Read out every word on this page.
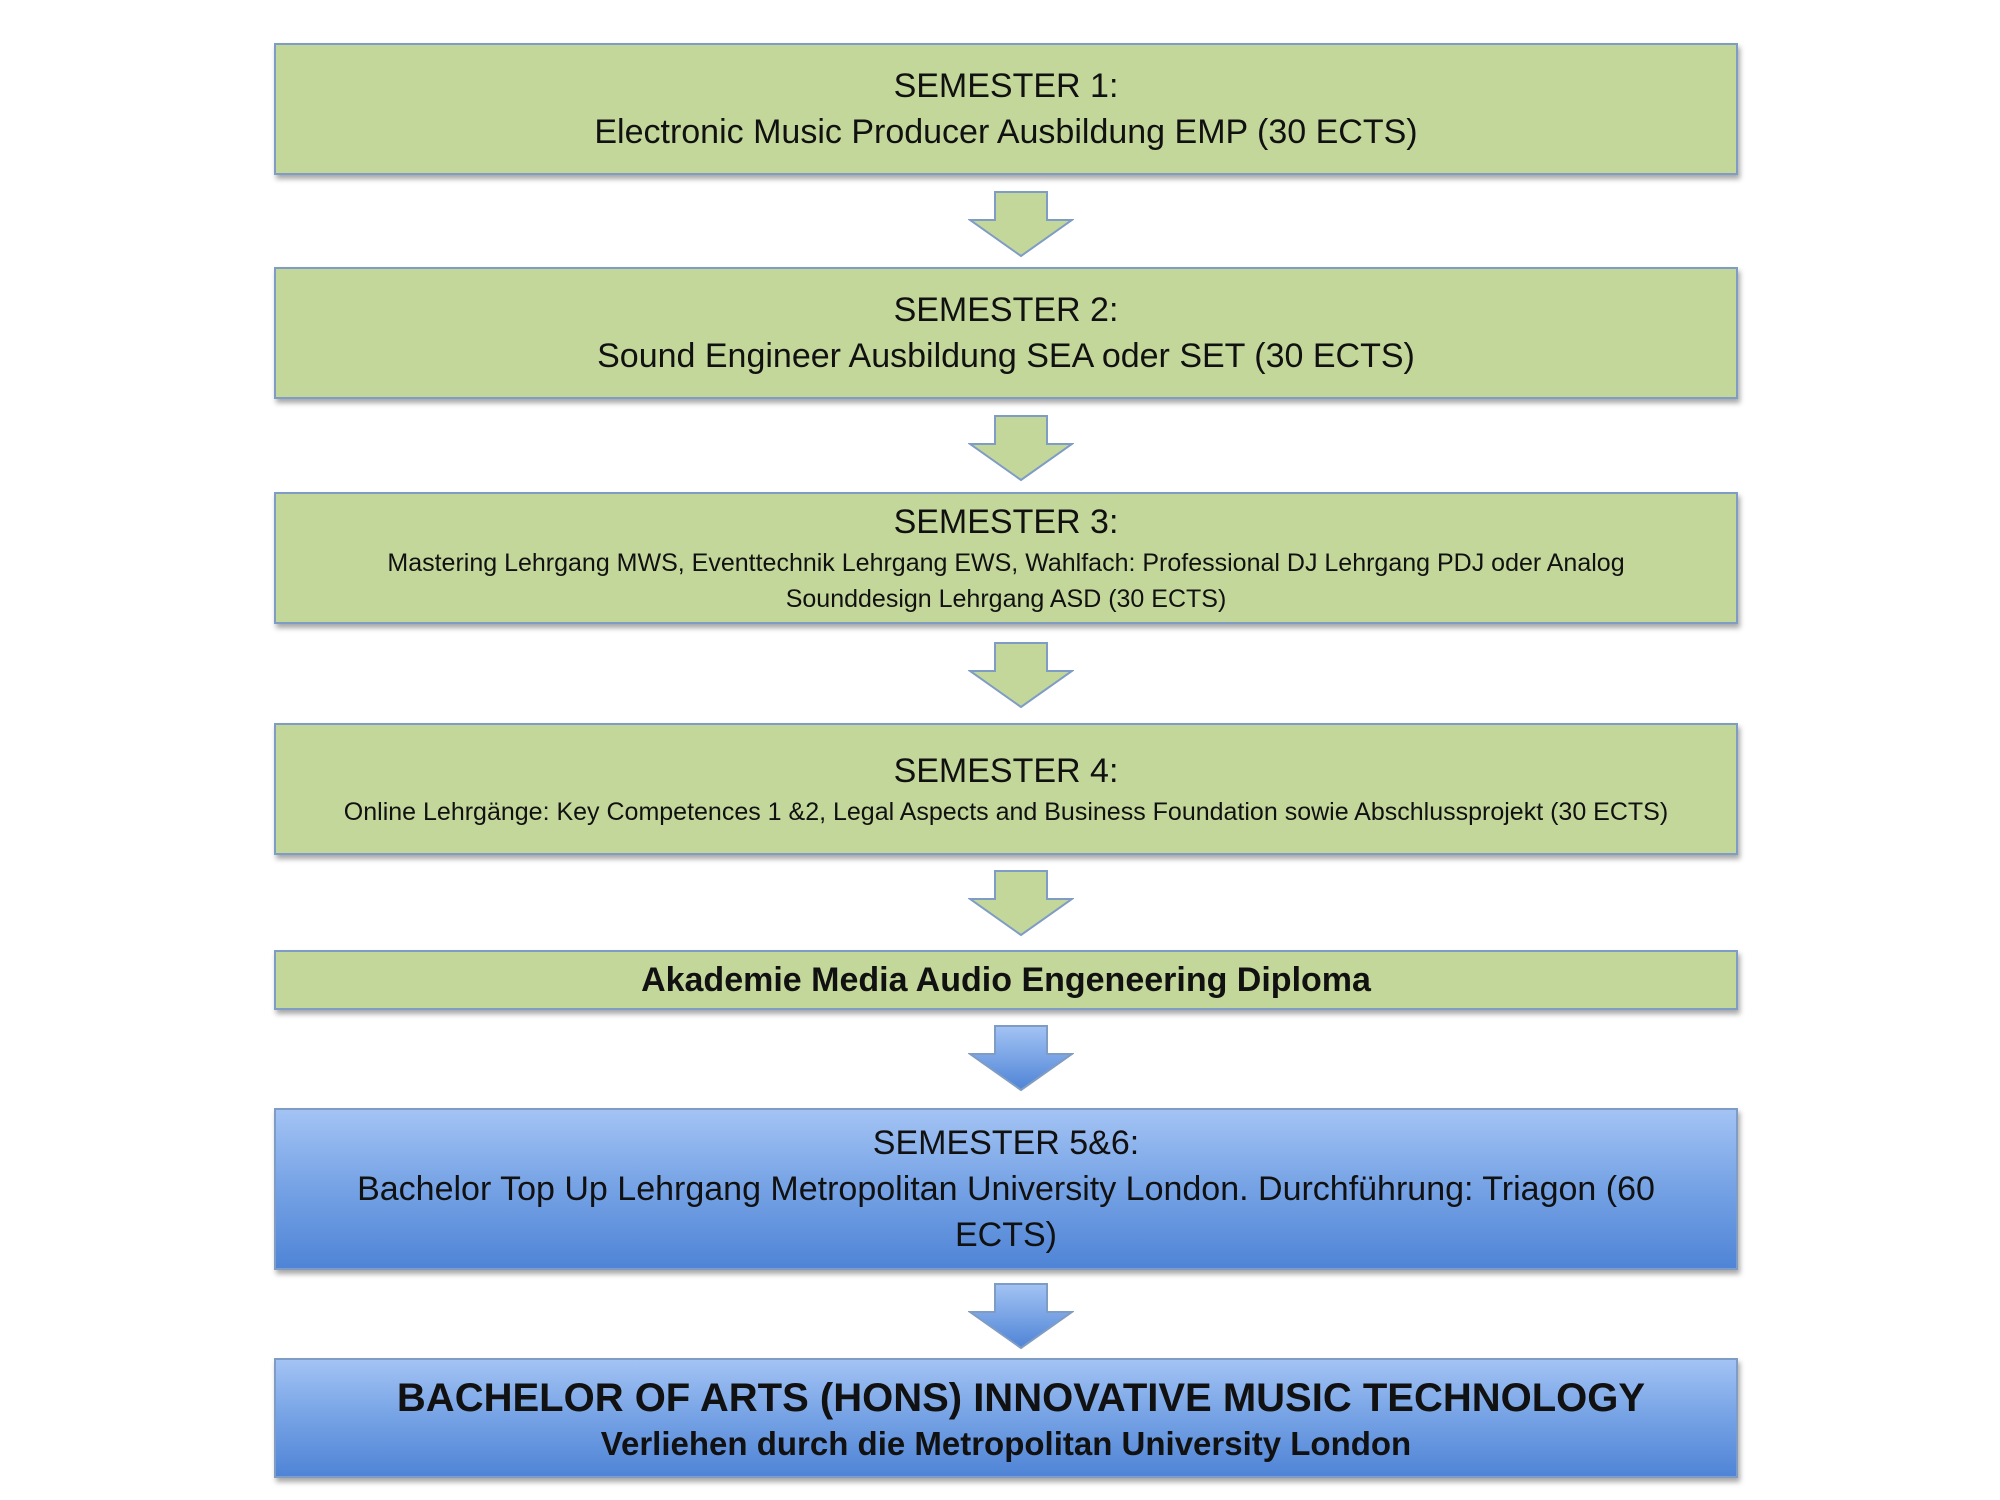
SEMESTER 1:
Electronic Music Producer Ausbildung EMP (30 ECTS)
SEMESTER 2:
Sound Engineer Ausbildung SEA oder SET (30 ECTS)
SEMESTER 3:
Mastering Lehrgang MWS, Eventtechnik Lehrgang EWS, Wahlfach: Professional DJ Lehrgang PDJ oder Analog Sounddesign Lehrgang ASD (30 ECTS)
SEMESTER 4:
Online Lehrgänge: Key Competences 1 &2, Legal Aspects and Business Foundation sowie Abschlussprojekt (30 ECTS)
Akademie Media Audio Engeneering Diploma
SEMESTER 5&6:
Bachelor Top Up Lehrgang Metropolitan University London. Durchführung: Triagon (60 ECTS)
BACHELOR OF ARTS (HONS) INNOVATIVE MUSIC TECHNOLOGY
Verliehen durch die Metropolitan University London
